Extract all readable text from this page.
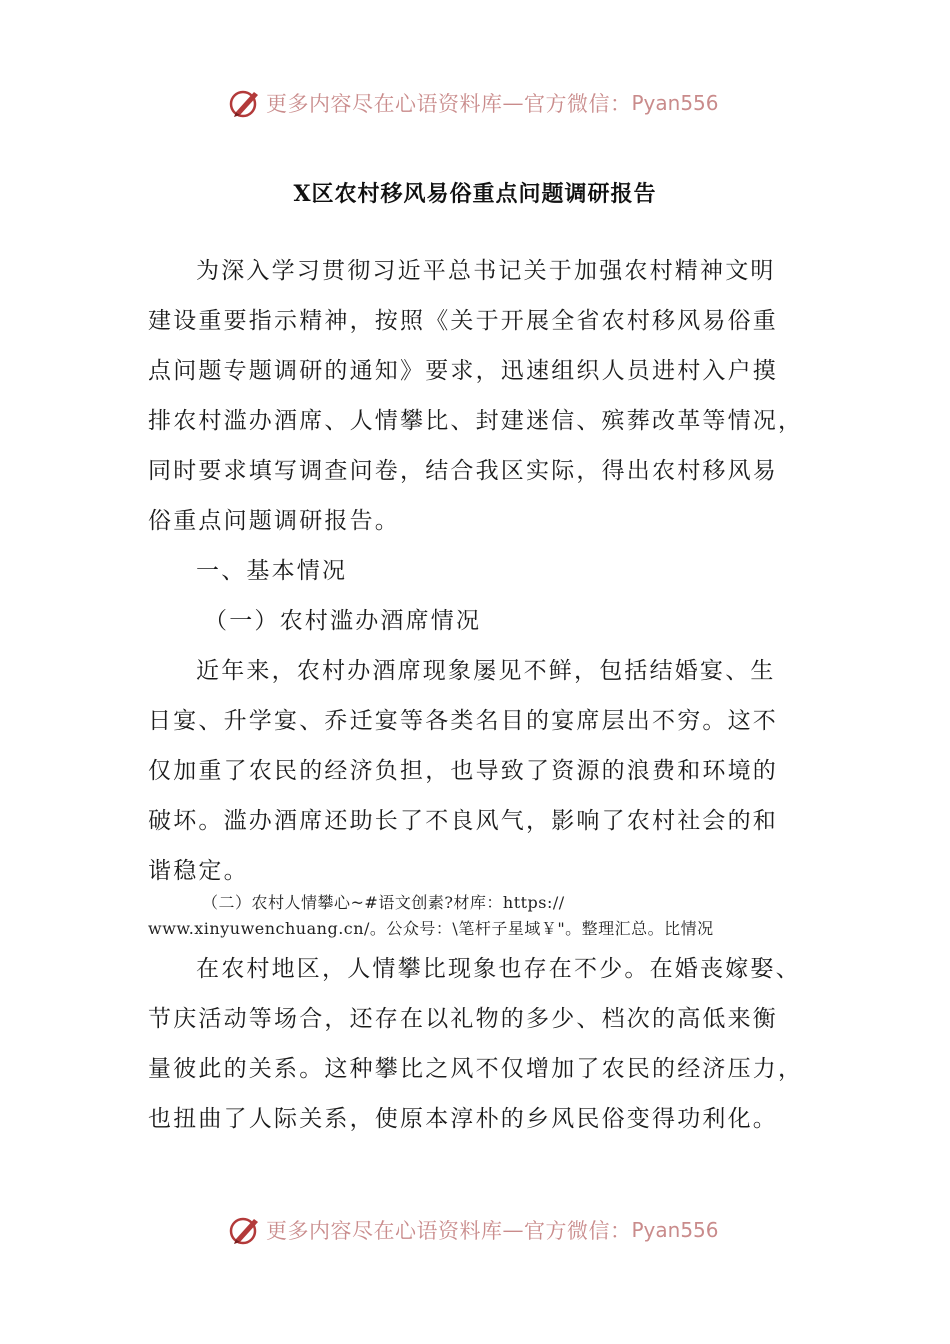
更多内容尽在心语资料库 — 官方微信： Pyan556
X区农村移风易俗重点问题调研报告
为深入学习贯彻习近平总书记关于加强农村精神文明
建设重要指示精神，按照《关于开展全省农村移风易俗重
点问题专题调研的通知》要求，迅速组织人员进村入户摸
排农村滥办酒席、人情攀比、封建迷信、殡葬改革等情况，
同时要求填写调查问卷，结合我区实际，得出农村移风易
俗重点问题调研报告。
一、基本情况
（一）农村滥办酒席情况
近年来，农村办酒席现象屡见不鲜，包括结婚宴、生
日宴、升学宴、乔迁宴等各类名目的宴席层出不穷。这不
仅加重了农民的经济负担，也导致了资源的浪费和环境的
破坏。滥办酒席还助长了不良风气，影响了农村社会的和
谐稳定。
（二）农村人情攀心~#语文创素?材库：https://
www.xinyuwenchuang.cn/。公众号：\笔杆子星域￥"。整理汇总。比情况
在农村地区，人情攀比现象也存在不少。在婚丧嫁娶、
节庆活动等场合，还存在以礼物的多少、档次的高低来衡
量彼此的关系。这种攀比之风不仅增加了农民的经济压力，
也扭曲了人际关系，使原本淳朴的乡风民俗变得功利化。
更多内容尽在心语资料库 — 官方微信： Pyan556
